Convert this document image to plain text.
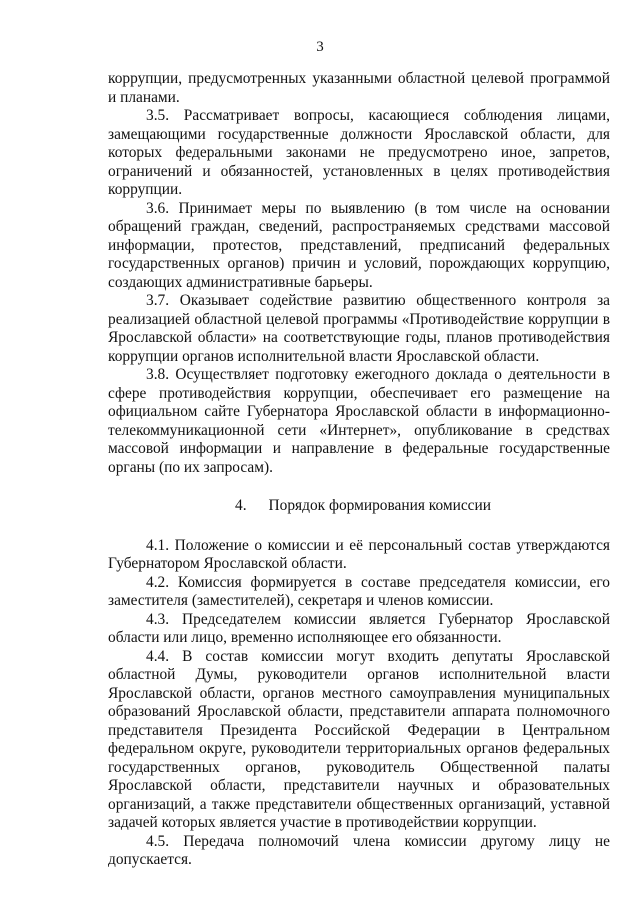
3

коррупции, предусмотренных указанными областной целевой программой и планами.

3.5. Рассматривает вопросы, касающиеся соблюдения лицами, замещающими государственные должности Ярославской области, для которых федеральными законами не предусмотрено иное, запретов, ограничений и обязанностей, установленных в целях противодействия коррупции.

3.6. Принимает меры по выявлению (в том числе на основании обращений граждан, сведений, распространяемых средствами массовой информации, протестов, представлений, предписаний федеральных государственных органов) причин и условий, порождающих коррупцию, создающих административные барьеры.

3.7. Оказывает содействие развитию общественного контроля за реализацией областной целевой программы «Противодействие коррупции в Ярославской области» на соответствующие годы, планов противодействия коррупции органов исполнительной власти Ярославской области.

3.8. Осуществляет подготовку ежегодного доклада о деятельности в сфере противодействия коррупции, обеспечивает его размещение на официальном сайте Губернатора Ярославской области в информационно-телекоммуникационной сети «Интернет», опубликование в средствах массовой информации и направление в федеральные государственные органы (по их запросам).

4. Порядок формирования комиссии

4.1. Положение о комиссии и её персональный состав утверждаются Губернатором Ярославской области.

4.2. Комиссия формируется в составе председателя комиссии, его заместителя (заместителей), секретаря и членов комиссии.

4.3. Председателем комиссии является Губернатор Ярославской области или лицо, временно исполняющее его обязанности.

4.4. В состав комиссии могут входить депутаты Ярославской областной Думы, руководители органов исполнительной власти Ярославской области, органов местного самоуправления муниципальных образований Ярославской области, представители аппарата полномочного представителя Президента Российской Федерации в Центральном федеральном округе, руководители территориальных органов федеральных государственных органов, руководитель Общественной палаты Ярославской области, представители научных и образовательных организаций, а также представители общественных организаций, уставной задачей которых является участие в противодействии коррупции.

4.5. Передача полномочий члена комиссии другому лицу не допускается.
